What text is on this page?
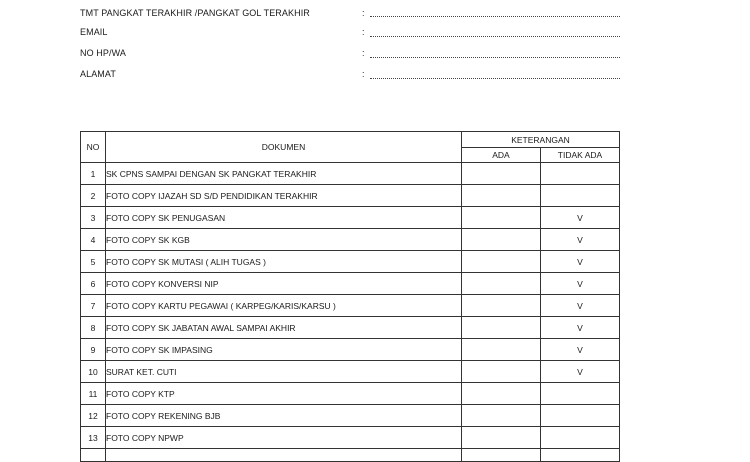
TMT PANGKAT TERAKHIR /PANGKAT GOL TERAKHIR	:
EMAIL	:
NO HP/WA	:
ALAMAT	:
NO	DOKUMEN	KETERANGAN	
		ADA	TIDAK ADA
1	SK CPNS SAMPAI DENGAN SK PANGKAT TERAKHIR		
2	FOTO COPY IJAZAH SD S/D PENDIDIKAN TERAKHIR		
3	FOTO COPY SK PENUGASAN		V
4	FOTO COPY SK KGB		V
5	FOTO COPY SK MUTASI ( ALIH TUGAS )		V
6	FOTO COPY KONVERSI NIP		V
7	FOTO COPY KARTU PEGAWAI ( KARPEG/KARIS/KARSU )		V
8	FOTO COPY SK JABATAN AWAL SAMPAI AKHIR		V
9	FOTO COPY SK IMPASING		V
10	SURAT KET. CUTI		V
11	FOTO COPY KTP		
12	FOTO COPY REKENING BJB		
13	FOTO COPY NPWP		
